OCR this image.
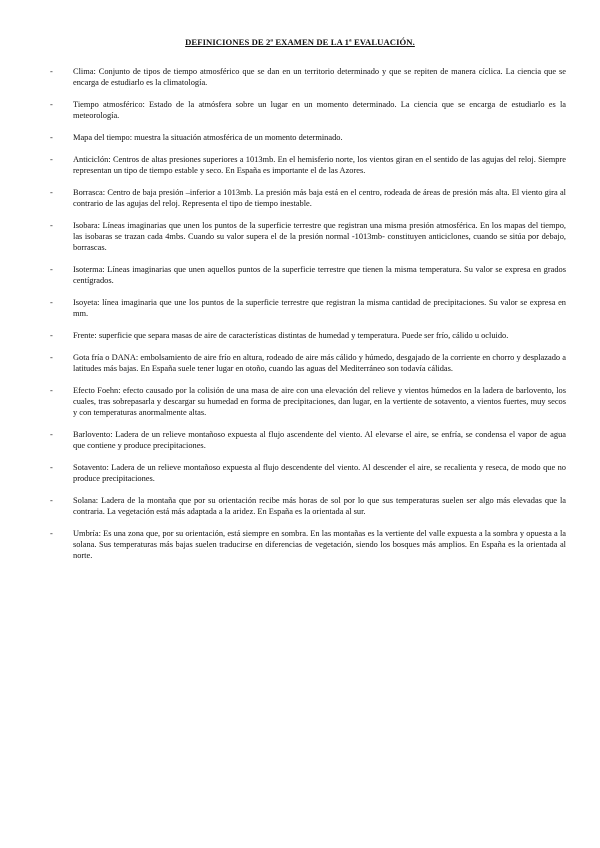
DEFINICIONES DE 2ª EXAMEN DE LA 1ª EVALUACIÓN.
-	Clima: Conjunto de tipos de tiempo atmosférico que se dan en un territorio determinado y que se repiten de manera cíclica. La ciencia que se encarga de estudiarlo es la climatología.
-	Tiempo atmosférico: Estado de la atmósfera sobre un lugar en un momento determinado. La ciencia que se encarga de estudiarlo es la meteorología.
-	Mapa del tiempo: muestra la situación atmosférica de un momento determinado.
-	Anticiclón: Centros de altas presiones superiores a 1013mb. En el hemisferio norte, los vientos giran en el sentido de las agujas del reloj. Siempre representan un tipo de tiempo estable y seco. En España es importante el de las Azores.
-	Borrasca: Centro de baja presión –inferior a 1013mb. La presión más baja está en el centro, rodeada de áreas de presión más alta. El viento gira al contrario de las agujas del reloj. Representa el tipo de tiempo inestable.
-	Isobara: Líneas imaginarias que unen los puntos de la superficie terrestre que registran una misma presión atmosférica. En los mapas del tiempo, las isobaras se trazan cada 4mbs. Cuando su valor supera el de la presión normal -1013mb- constituyen anticiclones, cuando se sitúa por debajo, borrascas.
-	Isoterma: Líneas imaginarias que unen aquellos puntos de la superficie terrestre que tienen la misma temperatura. Su valor se expresa en grados centígrados.
-	Isoyeta: línea imaginaria que une los puntos de la superficie terrestre que registran la misma cantidad de precipitaciones. Su valor se expresa en mm.
-	Frente: superficie que separa masas de aire de características distintas de humedad y temperatura. Puede ser frío, cálido u ocluido.
-	Gota fría o DANA: embolsamiento de aire frío en altura, rodeado de aire más cálido y húmedo, desgajado de la corriente en chorro y desplazado a latitudes más bajas. En España suele tener lugar en otoño, cuando las aguas del Mediterráneo son todavía cálidas.
-	Efecto Foehn: efecto causado por la colisión de una masa de aire con una elevación del relieve y vientos húmedos en la ladera de barlovento, los cuales, tras sobrepasarla y descargar su humedad en forma de precipitaciones, dan lugar, en la vertiente de sotavento, a vientos fuertes, muy secos y con temperaturas anormalmente altas.
-	Barlovento: Ladera de un relieve montañoso expuesta al flujo ascendente del viento. Al elevarse el aire, se enfría, se condensa el vapor de agua que contiene y produce precipitaciones.
-	Sotavento: Ladera de un relieve montañoso expuesta al flujo descendente del viento. Al descender el aire, se recalienta y reseca, de modo que no produce precipitaciones.
-	Solana: Ladera de la montaña que por su orientación recibe más horas de sol por lo que sus temperaturas suelen ser algo más elevadas que la contraria. La vegetación está más adaptada a la aridez. En España es la orientada al sur.
-	Umbría: Es una zona que, por su orientación, está siempre en sombra. En las montañas es la vertiente del valle expuesta a la sombra y opuesta a la solana. Sus temperaturas más bajas suelen traducirse en diferencias de vegetación, siendo los bosques más amplios. En España es la orientada al norte.
